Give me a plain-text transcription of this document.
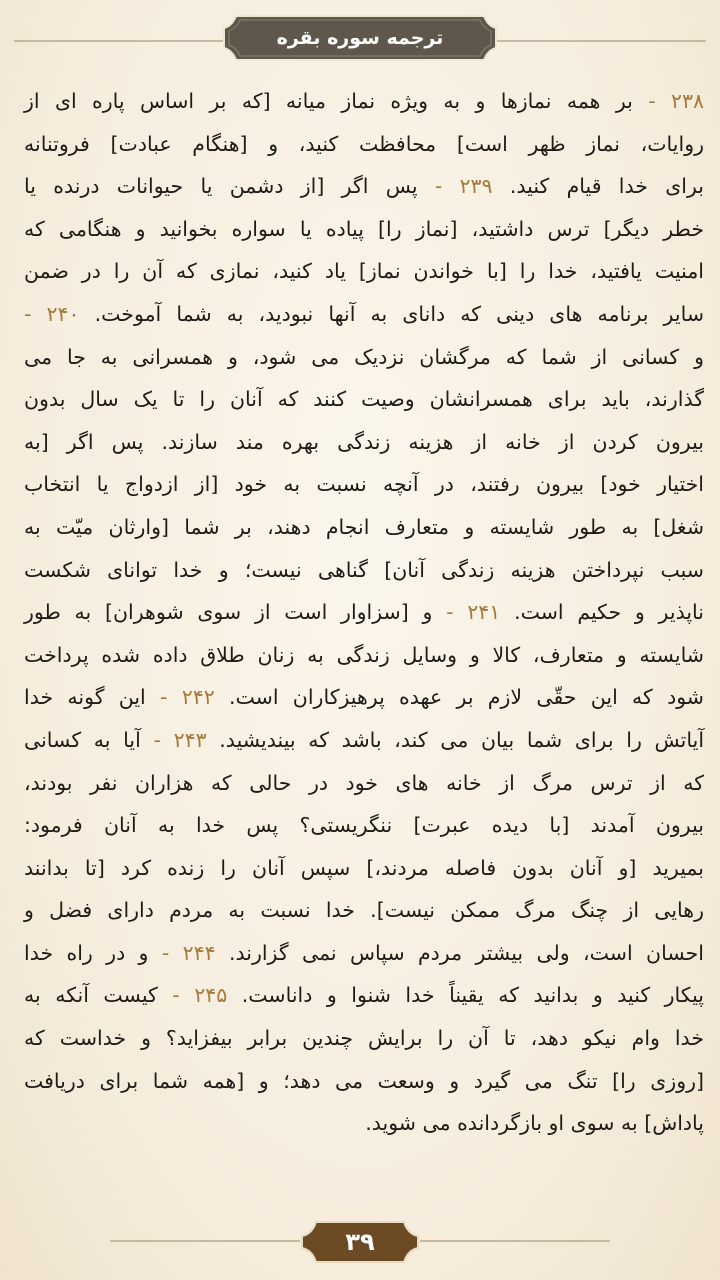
ترجمه سوره بقره
۲۳۸ - بر همه نمازها و به ویژه نماز میانه [که بر اساس پاره ای از
روایات، نماز ظهر است] محافظت کنید، و [هنگام عبادت] فروتنانه
برای خدا قیام کنید. ۲۳۹ - پس اگر [از دشمن یا حیوانات درنده یا
خطر دیگر] ترس داشتید، [نماز را] پیاده یا سواره بخوانید و هنگامی که
امنیت یافتید، خدا را [با خواندن نماز] یاد کنید، نمازی که آن را در ضمن
سایر برنامه های دینی که دانای به آنها نبودید، به شما آموخت. ۲۴۰ -
و کسانی از شما که مرگشان نزدیک می شود، و همسرانی به جا می
گذارند، باید برای همسرانشان وصیت کنند که آنان را تا یک سال بدون
بیرون کردن از خانه از هزینه زندگی بهره مند سازند. پس اگر [به
اختیار خود] بیرون رفتند، در آنچه نسبت به خود [از ازدواج یا انتخاب
شغل] به طور شایسته و متعارف انجام دهند، بر شما [وارثان میّت به
سبب نپرداختن هزینه زندگی آنان] گناهی نیست؛ و خدا توانای شکست
ناپذیر و حکیم است. ۲۴۱ - و [سزاوار است از سوی شوهران] به طور
شایسته و متعارف، کالا و وسایل زندگی به زنان طلاق داده شده پرداخت
شود که این حقّی لازم بر عهده پرهیزکاران است. ۲۴۲ - این گونه خدا
آیاتش را برای شما بیان می کند، باشد که بیندیشید. ۲۴۳ - آیا به کسانی
که از ترس مرگ از خانه های خود در حالی که هزاران نفر بودند،
بیرون آمدند [با دیده عبرت] ننگریستی؟ پس خدا به آنان فرمود:
بمیرید [و آنان بدون فاصله مردند،] سپس آنان را زنده کرد [تا بدانند
رهایی از چنگ مرگ ممکن نیست]. خدا نسبت به مردم دارای فضل و
احسان است، ولی بیشتر مردم سپاس نمی گزارند. ۲۴۴ - و در راه خدا
پیکار کنید و بدانید که یقیناً خدا شنوا و داناست. ۲۴۵ - کیست آنکه به
خدا وام نیکو دهد، تا آن را برایش چندین برابر بیفزاید؟ و خداست که
[روزی را] تنگ می گیرد و وسعت می دهد؛ و [همه شما برای دریافت
پاداش] به سوی او بازگردانده می شوید.
۳۹
